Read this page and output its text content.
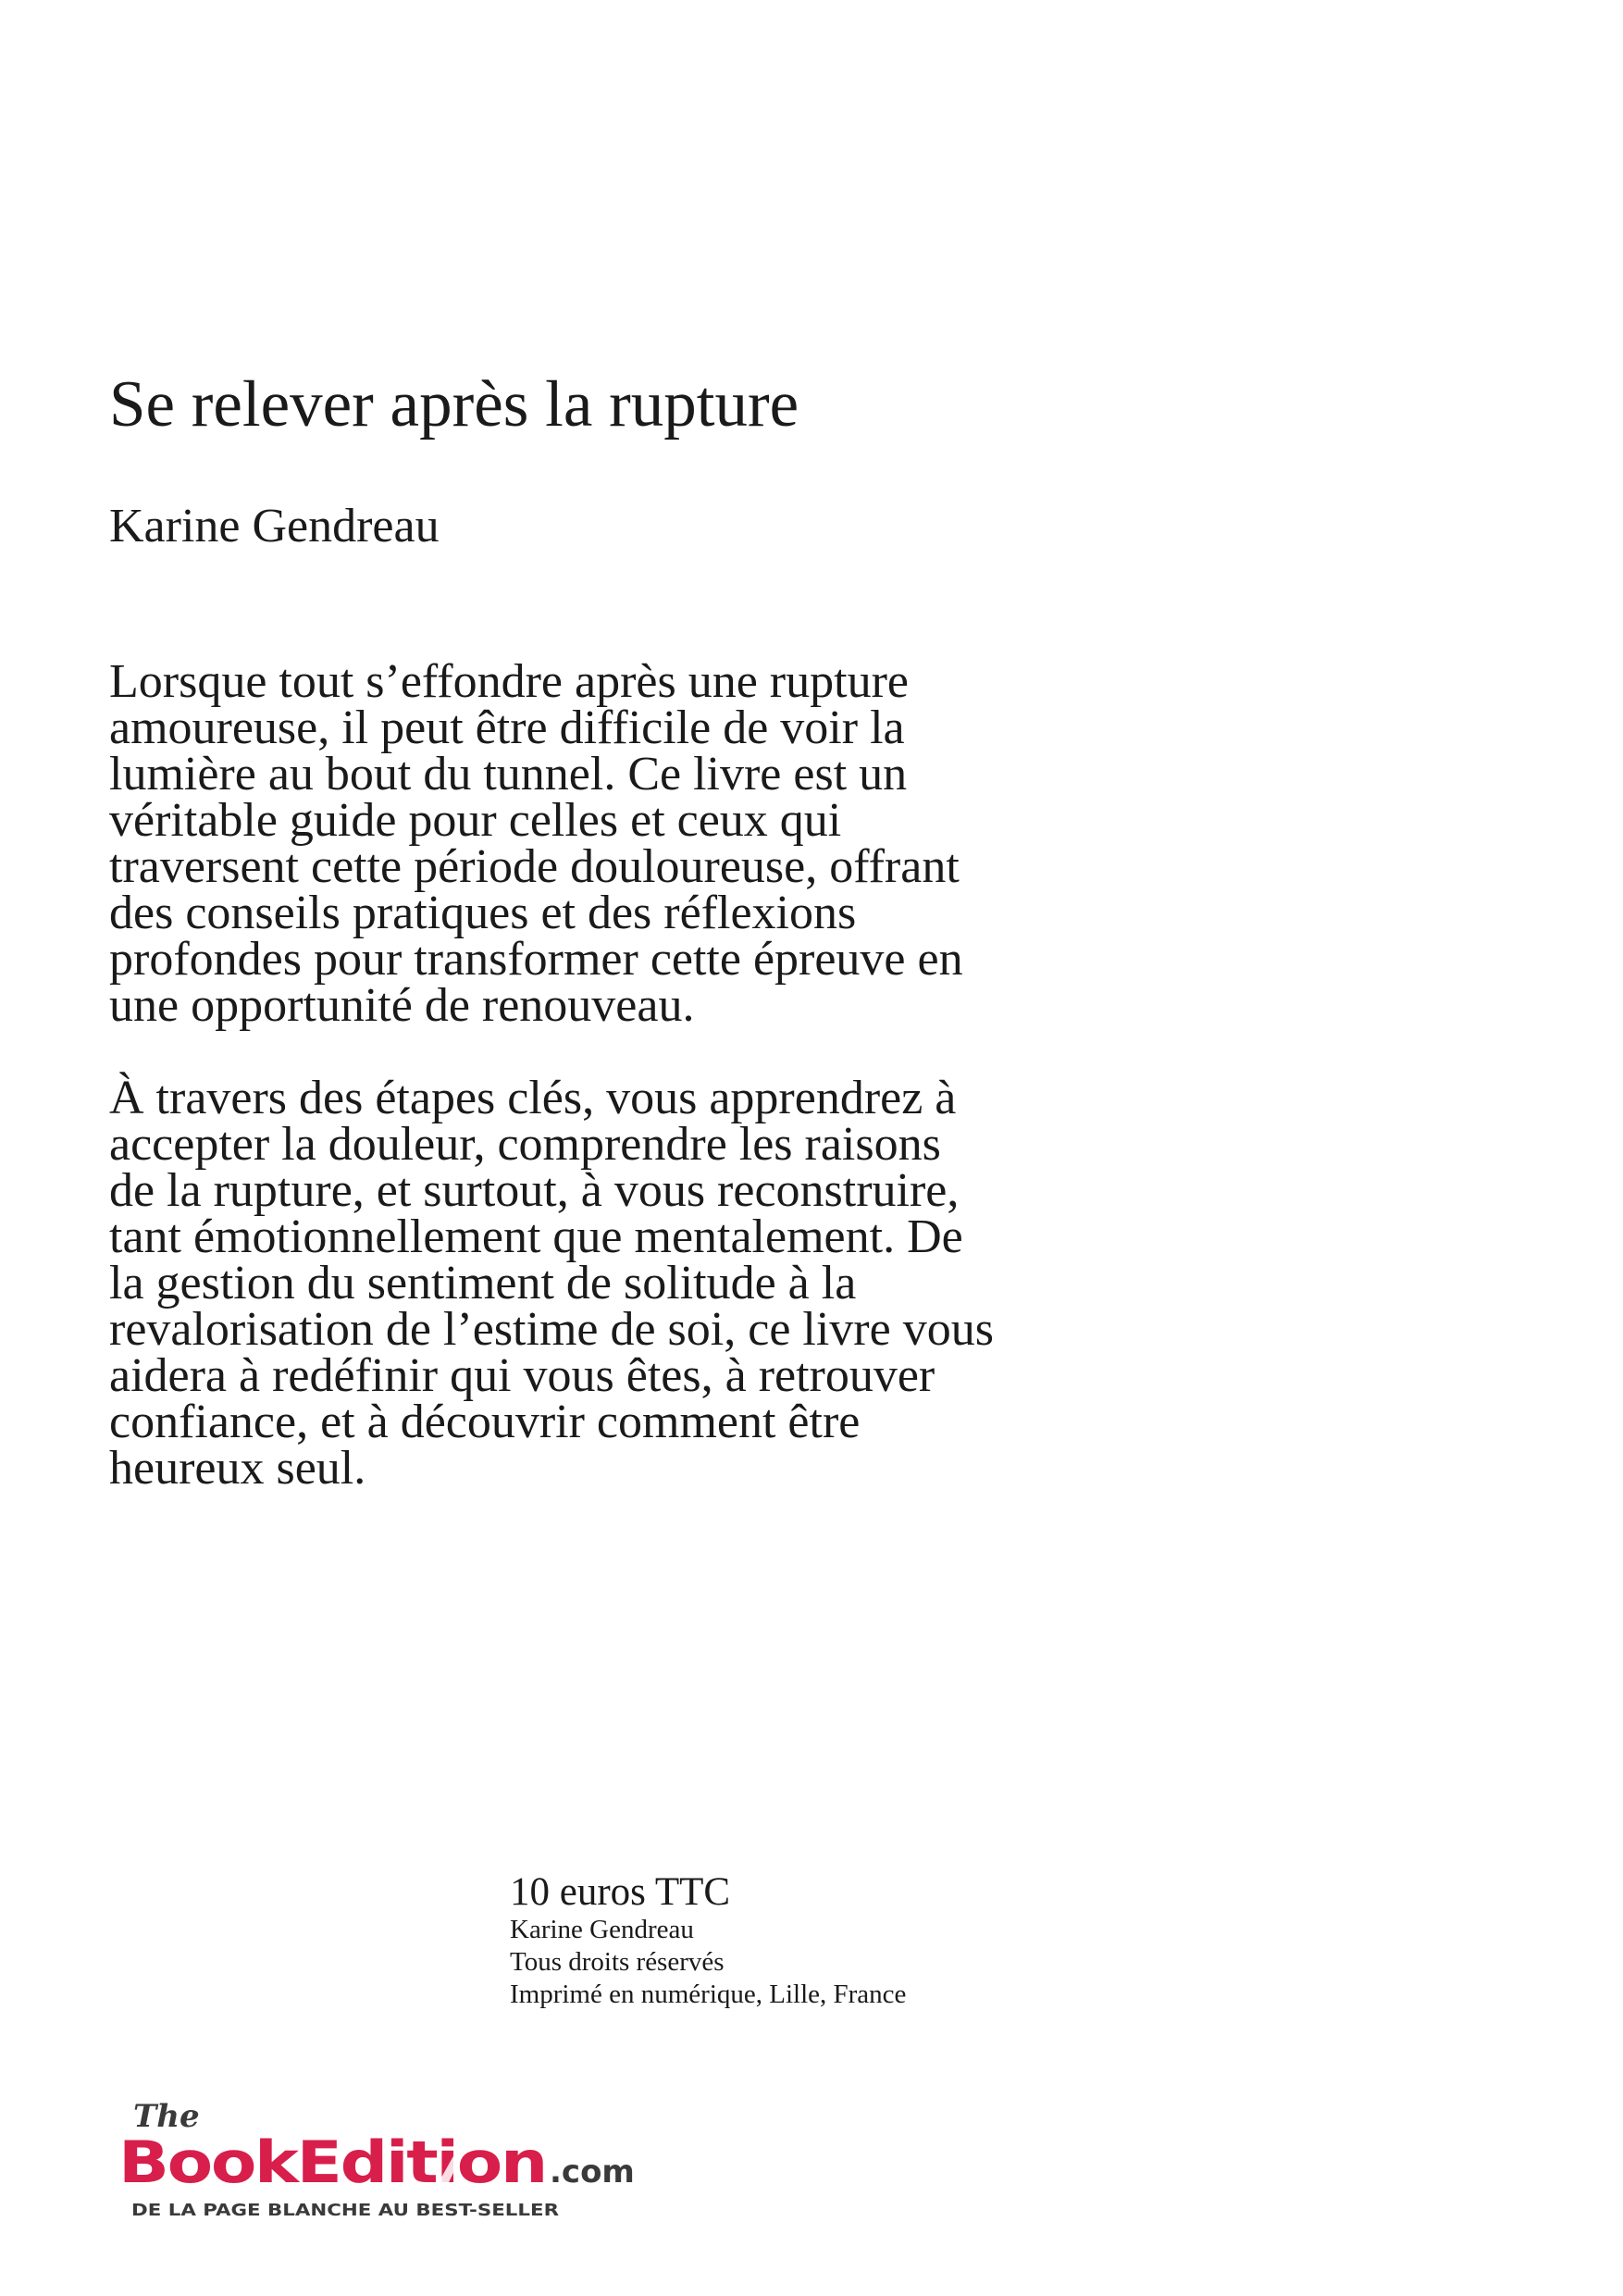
Se relever après la rupture
Karine Gendreau

Lorsque tout s’effondre après une rupture
amoureuse, il peut être difficile de voir la
lumière au bout du tunnel. Ce livre est un
véritable guide pour celles et ceux qui
traversent cette période douloureuse, offrant
des conseils pratiques et des réflexions
profondes pour transformer cette épreuve en
une opportunité de renouveau.

À travers des étapes clés, vous apprendrez à
accepter la douleur, comprendre les raisons
de la rupture, et surtout, à vous reconstruire,
tant émotionnellement que mentalement. De
la gestion du sentiment de solitude à la
revalorisation de l’estime de soi, ce livre vous
aidera à redéfinir qui vous êtes, à retrouver
confiance, et à découvrir comment être
heureux seul.

10 euros TTC
Karine Gendreau
Tous droits réservés
Imprimé en numérique, Lille, France
The
BookEditi o n .com
DE LA PAGE BLANCHE AU BEST-SELLER
